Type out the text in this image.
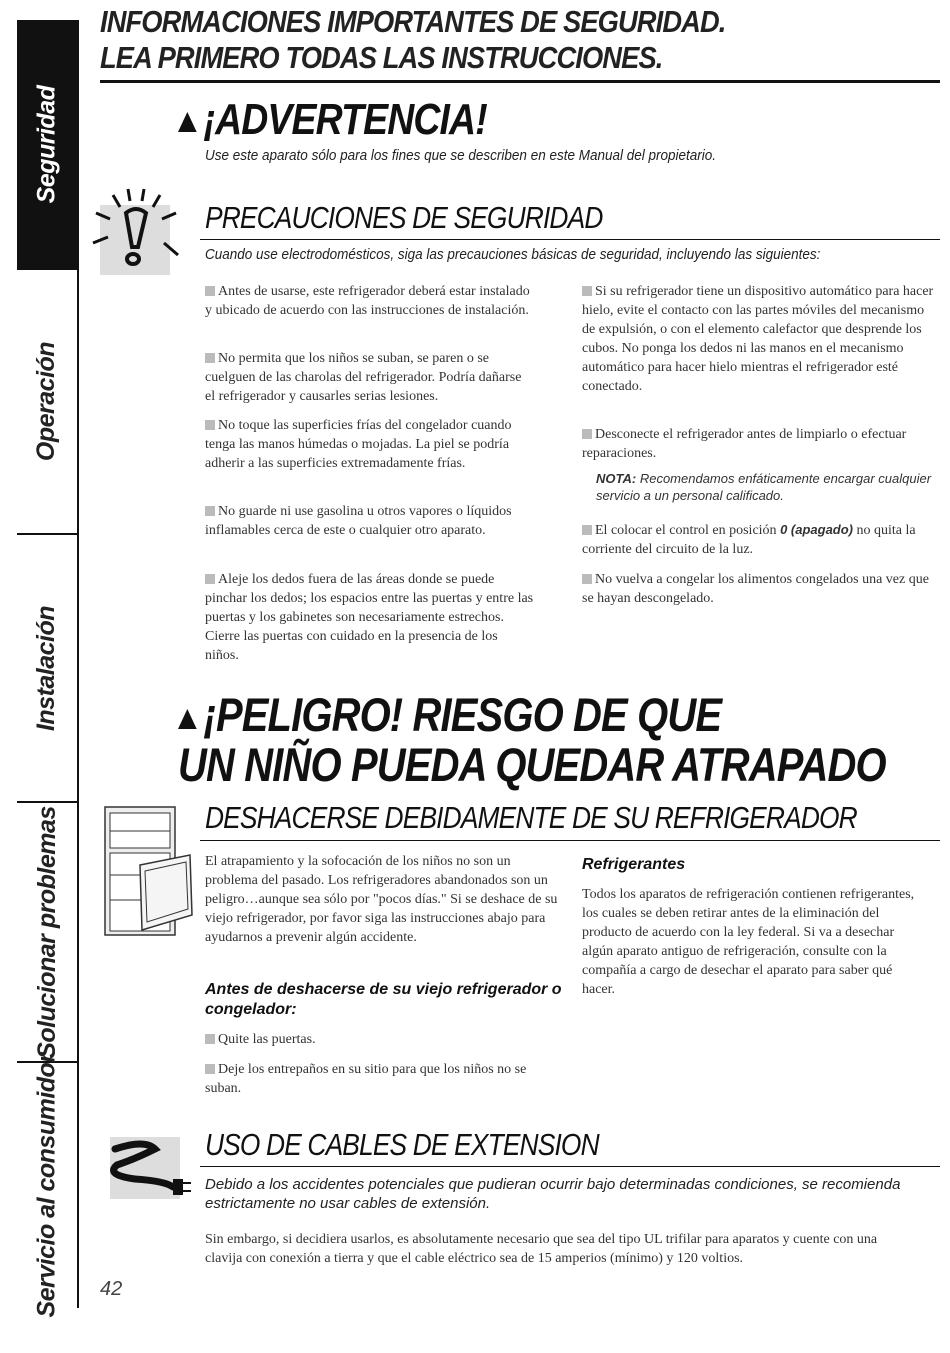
Seguridad
Operación
Instalación
Solucionar problemas
Servicio al consumidor
INFORMACIONES IMPORTANTES DE SEGURIDAD.
LEA PRIMERO TODAS LAS INSTRUCCIONES.
¡ADVERTENCIA!
Use este aparato sólo para los fines que se describen en este Manual del propietario.
PRECAUCIONES DE SEGURIDAD
Cuando use electrodomésticos, siga las precauciones básicas de seguridad, incluyendo las siguientes:
Antes de usarse, este refrigerador deberá estar instalado y ubicado de acuerdo con las instrucciones de instalación.
No permita que los niños se suban, se paren o se cuelguen de las charolas del refrigerador. Podría dañarse el refrigerador y causarles serias lesiones.
No toque las superficies frías del congelador cuando tenga las manos húmedas o mojadas. La piel se podría adherir a las superficies extremadamente frías.
No guarde ni use gasolina u otros vapores o líquidos inflamables cerca de este o cualquier otro aparato.
Aleje los dedos fuera de las áreas donde se puede pinchar los dedos; los espacios entre las puertas y entre las puertas y los gabinetes son necesariamente estrechos. Cierre las puertas con cuidado en la presencia de los niños.
Si su refrigerador tiene un dispositivo automático para hacer hielo, evite el contacto con las partes móviles del mecanismo de expulsión, o con el elemento calefactor que desprende los cubos. No ponga los dedos ni las manos en el mecanismo automático para hacer hielo mientras el refrigerador esté conectado.
Desconecte el refrigerador antes de limpiarlo o efectuar reparaciones.
NOTA: Recomendamos enfáticamente encargar cualquier servicio a un personal calificado.
El colocar el control en posición 0 (apagado) no quita la corriente del circuito de la luz.
No vuelva a congelar los alimentos congelados una vez que se hayan descongelado.
¡PELIGRO! RIESGO DE QUE
UN NIÑO PUEDA QUEDAR ATRAPADO
DESHACERSE DEBIDAMENTE DE SU REFRIGERADOR
El atrapamiento y la sofocación de los niños no son un problema del pasado. Los refrigeradores abandonados son un peligro…aunque sea sólo por "pocos días." Si se deshace de su viejo refrigerador, por favor siga las instrucciones abajo para ayudarnos a prevenir algún accidente.
Antes de deshacerse de su viejo refrigerador o congelador:
Quite las puertas.
Deje los entrepaños en su sitio para que los niños no se suban.
Refrigerantes
Todos los aparatos de refrigeración contienen refrigerantes, los cuales se deben retirar antes de la eliminación del producto de acuerdo con la ley federal. Si va a desechar algún aparato antiguo de refrigeración, consulte con la compañía a cargo de desechar el aparato para saber qué hacer.
USO DE CABLES DE EXTENSION
Debido a los accidentes potenciales que pudieran ocurrir bajo determinadas condiciones, se recomienda estrictamente no usar cables de extensión.
Sin embargo, si decidiera usarlos, es absolutamente necesario que sea del tipo UL trifilar para aparatos y cuente con una clavija con conexión a tierra y que el cable eléctrico sea de 15 amperios (mínimo) y 120 voltios.
42
